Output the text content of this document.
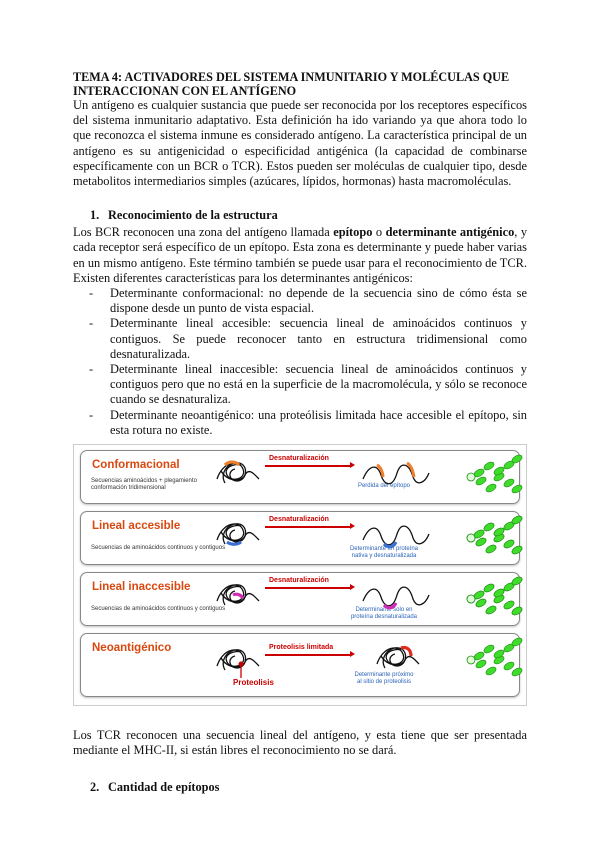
TEMA 4: ACTIVADORES DEL SISTEMA INMUNITARIO Y MOLÉCULAS QUE INTERACCIONAN CON EL ANTÍGENO

Un antígeno es cualquier sustancia que puede ser reconocida por los receptores específicos del sistema inmunitario adaptativo. Esta definición ha ido variando ya que ahora todo lo que reconozca el sistema inmune es considerado antígeno. La característica principal de un antígeno es su antigenicidad o especificidad antigénica (la capacidad de combinarse específicamente con un BCR o TCR). Estos pueden ser moléculas de cualquier tipo, desde metabolitos intermediarios simples (azúcares, lípidos, hormonas) hasta macromoléculas.

1. Reconocimiento de la estructura

Los BCR reconocen una zona del antígeno llamada epítopo o determinante antigénico, y cada receptor será específico de un epítopo. Esta zona es determinante y puede haber varias en un mismo antígeno. Este término también se puede usar para el reconocimiento de TCR. Existen diferentes características para los determinantes antigénicos:

- Determinante conformacional: no depende de la secuencia sino de cómo ésta se dispone desde un punto de vista espacial.
- Determinante lineal accesible: secuencia lineal de aminoácidos continuos y contiguos. Se puede reconocer tanto en estructura tridimensional como desnaturalizada.
- Determinante lineal inaccesible: secuencia lineal de aminoácidos continuos y contiguos pero que no está en la superficie de la macromolécula, y sólo se reconoce cuando se desnaturaliza.
- Determinante neoantigénico: una proteólisis limitada hace accesible el epítopo, sin esta rotura no existe.
Conformacional
Secuencias aminoácidos + plegamiento
conformación tridimensional
Desnaturalización
Perdida del epítopo
Lineal accesible
Secuencias de aminoácidos continuos y contiguos
Desnaturalización
Determinante en proteína
nativa y desnaturalizada
Lineal inaccesible
Secuencias de aminoácidos continuos y contiguos
Desnaturalización
Determinante solo en
proteína desnaturalizada
Neoantigénico	Proteolisis limitada
Determinante próximo
al sitio de proteolisis
Proteolisis

Los TCR reconocen una secuencia lineal del antígeno, y esta tiene que ser presentada mediante el MHC-II, si están libres el reconocimiento no se dará.

2. Cantidad de epítopos
